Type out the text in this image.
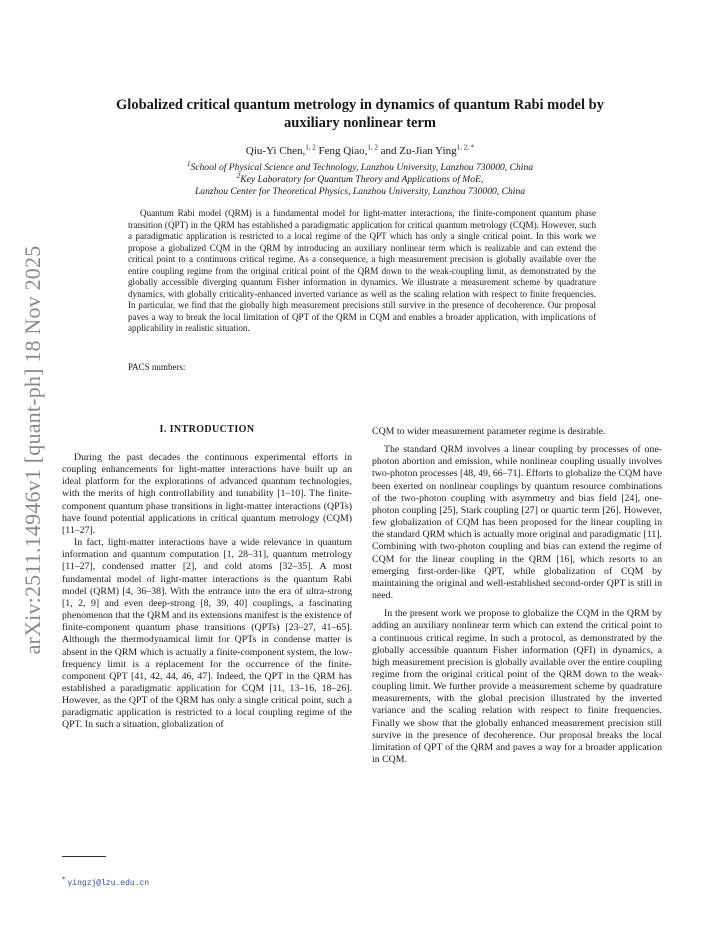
arXiv:2511.14946v1 [quant-ph] 18 Nov 2025
Globalized critical quantum metrology in dynamics of quantum Rabi model by
auxiliary nonlinear term
Qiu-Yi Chen,$^{1, 2}$ Feng Qiao,$^{1, 2}$ and Zu-Jian Ying$^{1, 2, *}$
$^1$School of Physical Science and Technology, Lanzhou University, Lanzhou 730000, China
$^2$Key Laboratory for Quantum Theory and Applications of MoE,
Lanzhou Center for Theoretical Physics, Lanzhou University, Lanzhou 730000, China

Quantum Rabi model (QRM) is a fundamental model for light-matter interactions, the finite-component quantum phase transition (QPT) in the QRM has established a paradigmatic application for critical quantum metrology (CQM). However, such a paradigmatic application is restricted to a local regime of the QPT which has only a single critical point. In this work we propose a globalized CQM in the QRM by introducing an auxiliary nonlinear term which is realizable and can extend the critical point to a continuous critical regime. As a consequence, a high measurement precision is globally available over the entire coupling regime from the original critical point of the QRM down to the weak-coupling limit, as demonstrated by the globally accessible diverging quantum Fisher information in dynamics. We illustrate a measurement scheme by quadrature dynamics, with globally criticality-enhanced inverted variance as well as the scaling relation with respect to finite frequencies. In particular, we find that the globally high measurement precisions still survive in the presence of decoherence. Our proposal paves a way to break the local limitation of QPT of the QRM in CQM and enables a broader application, with implications of applicability in realistic situation.

PACS numbers:
I. INTRODUCTION

During the past decades the continuous experimental efforts in coupling enhancements for light-matter interactions have built up an ideal platform for the explorations of advanced quantum technologies, with the merits of high controllability and tunability [1–10]. The finite-component quantum phase transitions in light-matter interactions (QPTs) have found potential applications in critical quantum metrology (CQM) [11–27].

In fact, light-matter interactions have a wide relevance in quantum information and quantum computation [1, 28–31], quantum metrology [11–27], condensed matter [2], and cold atoms [32–35]. A most fundamental model of light-matter interactions is the quantum Rabi model (QRM) [4, 36–38]. With the entrance into the era of ultra-strong [1, 2, 9] and even deep-strong [8, 39, 40] couplings, a fascinating phenomenon that the QRM and its extensions manifest is the existence of finite-component quantum phase transitions (QPTs) [23–27, 41–65]. Although the thermodynamical limit for QPTs in condense matter is absent in the QRM which is actually a finite-component system, the low-frequency limit is a replacement for the occurrence of the finite-component QPT [41, 42, 44, 46, 47]. Indeed, the QPT in the QRM has established a paradigmatic application for CQM [11, 13–16, 18–26]. However, as the QPT of the QRM has only a single critical point, such a paradigmatic application is restricted to a local coupling regime of the QPT. In such a situation, globalization of

CQM to wider measurement parameter regime is desirable.

The standard QRM involves a linear coupling by processes of one-photon abortion and emission, while nonlinear coupling usually involves two-photon processes [48, 49, 66–71]. Efforts to globalize the CQM have been exerted on nonlinear couplings by quantum resource combinations of the two-photon coupling with asymmetry and bias field [24], one-photon coupling [25], Stark coupling [27] or quartic term [26]. However, few globalization of CQM has been proposed for the linear coupling in the standard QRM which is actually more original and paradigmatic [11]. Combining with two-photon coupling and bias can extend the regime of CQM for the linear coupling in the QRM [16], which resorts to an emerging first-order-like QPT, while globalization of CQM by maintaining the original and well-established second-order QPT is still in need.

In the present work we propose to globalize the CQM in the QRM by adding an auxiliary nonlinear term which can extend the critical point to a continuous critical regime. In such a protocol, as demonstrated by the globally accessible quantum Fisher information (QFI) in dynamics, a high measurement precision is globally available over the entire coupling regime from the original critical point of the QRM down to the weak-coupling limit. We further provide a measurement scheme by quadrature measurements, with the global precision illustrated by the inverted variance and the scaling relation with respect to finite frequencies. Finally we show that the globally enhanced measurement precision still survive in the presence of decoherence. Our proposal breaks the local limitation of QPT of the QRM and paves a way for a broader application in CQM.

* yingzj@lzu.edu.cn
